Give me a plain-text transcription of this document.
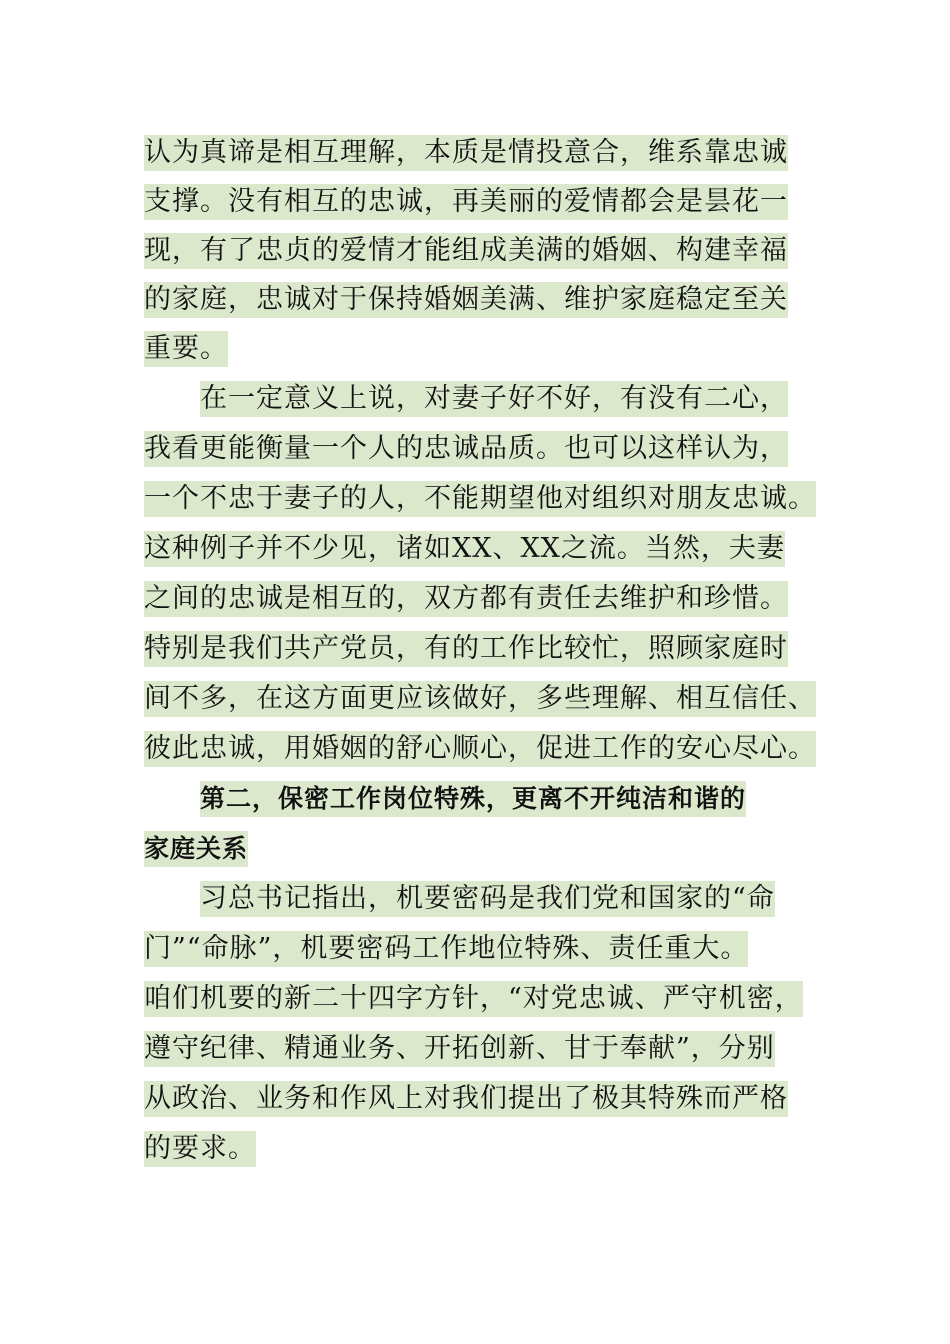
认为真谛是相互理解，本质是情投意合，维系靠忠诚
支撑。没有相互的忠诚，再美丽的爱情都会是昙花一
现，有了忠贞的爱情才能组成美满的婚姻、构建幸福
的家庭，忠诚对于保持婚姻美满、维护家庭稳定至关
重要。
在一定意义上说，对妻子好不好，有没有二心，
我看更能衡量一个人的忠诚品质。也可以这样认为，
一个不忠于妻子的人，不能期望他对组织对朋友忠诚。
这种例子并不少见，诸如XX、XX之流。当然，夫妻
之间的忠诚是相互的，双方都有责任去维护和珍惜。
特别是我们共产党员，有的工作比较忙，照顾家庭时
间不多，在这方面更应该做好，多些理解、相互信任、
彼此忠诚，用婚姻的舒心顺心，促进工作的安心尽心。
第二，保密工作岗位特殊，更离不开纯洁和谐的
家庭关系
习总书记指出，机要密码是我们党和国家的“命
门”“命脉”，机要密码工作地位特殊、责任重大。
咱们机要的新二十四字方针，“对党忠诚、严守机密，
遵守纪律、精通业务、开拓创新、甘于奉献”，分别
从政治、业务和作风上对我们提出了极其特殊而严格
的要求。
